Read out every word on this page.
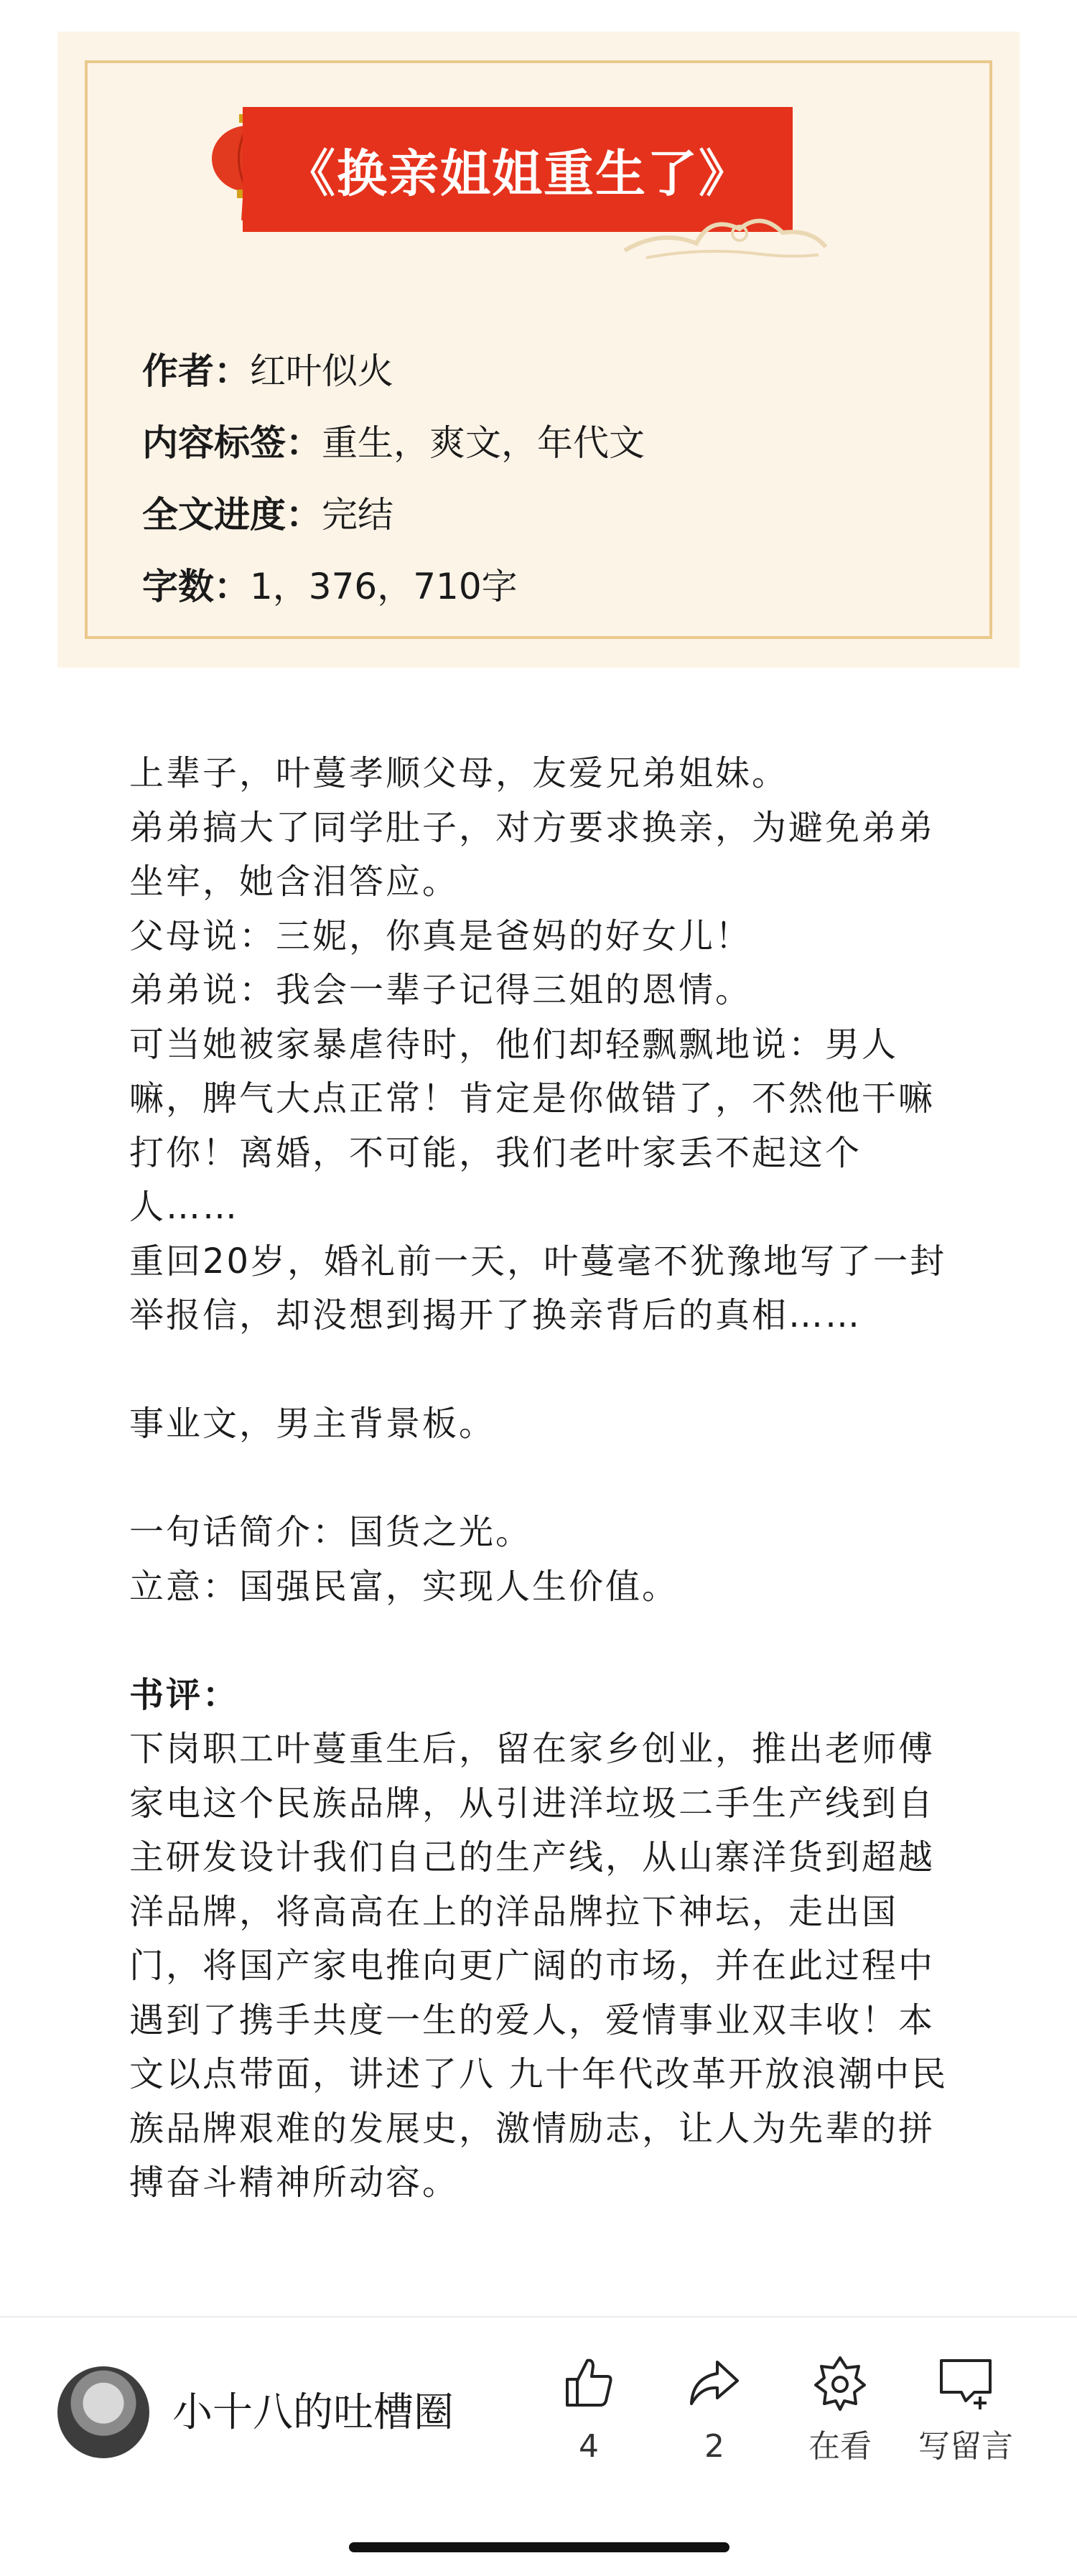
《换亲姐姐重生了》
作者：红叶似火
内容标签：重生，爽文，年代文
全文进度：完结
字数：1，376，710字

上辈子，叶蔓孝顺父母，友爱兄弟姐妹。

弟弟搞大了同学肚子，对方要求换亲，为避免弟弟坐牢，她含泪答应。

父母说：三妮，你真是爸妈的好女儿！

弟弟说：我会一辈子记得三姐的恩情。

可当她被家暴虐待时，他们却轻飘飘地说：男人嘛，脾气大点正常！肯定是你做错了，不然他干嘛打你！离婚，不可能，我们老叶家丢不起这个人……

重回20岁，婚礼前一天，叶蔓毫不犹豫地写了一封举报信，却没想到揭开了换亲背后的真相……

事业文，男主背景板。

一句话简介：国货之光。

立意：国强民富，实现人生价值。

书评：

下岗职工叶蔓重生后，留在家乡创业，推出老师傅家电这个民族品牌，从引进洋垃圾二手生产线到自主研发设计我们自己的生产线，从山寨洋货到超越洋品牌，将高高在上的洋品牌拉下神坛，走出国门，将国产家电推向更广阔的市场，并在此过程中遇到了携手共度一生的爱人，爱情事业双丰收！本文以点带面，讲述了八 九十年代改革开放浪潮中民族品牌艰难的发展史，激情励志，让人为先辈的拼搏奋斗精神所动容。

小十八的吐槽圈
4	2	在看	写留言
